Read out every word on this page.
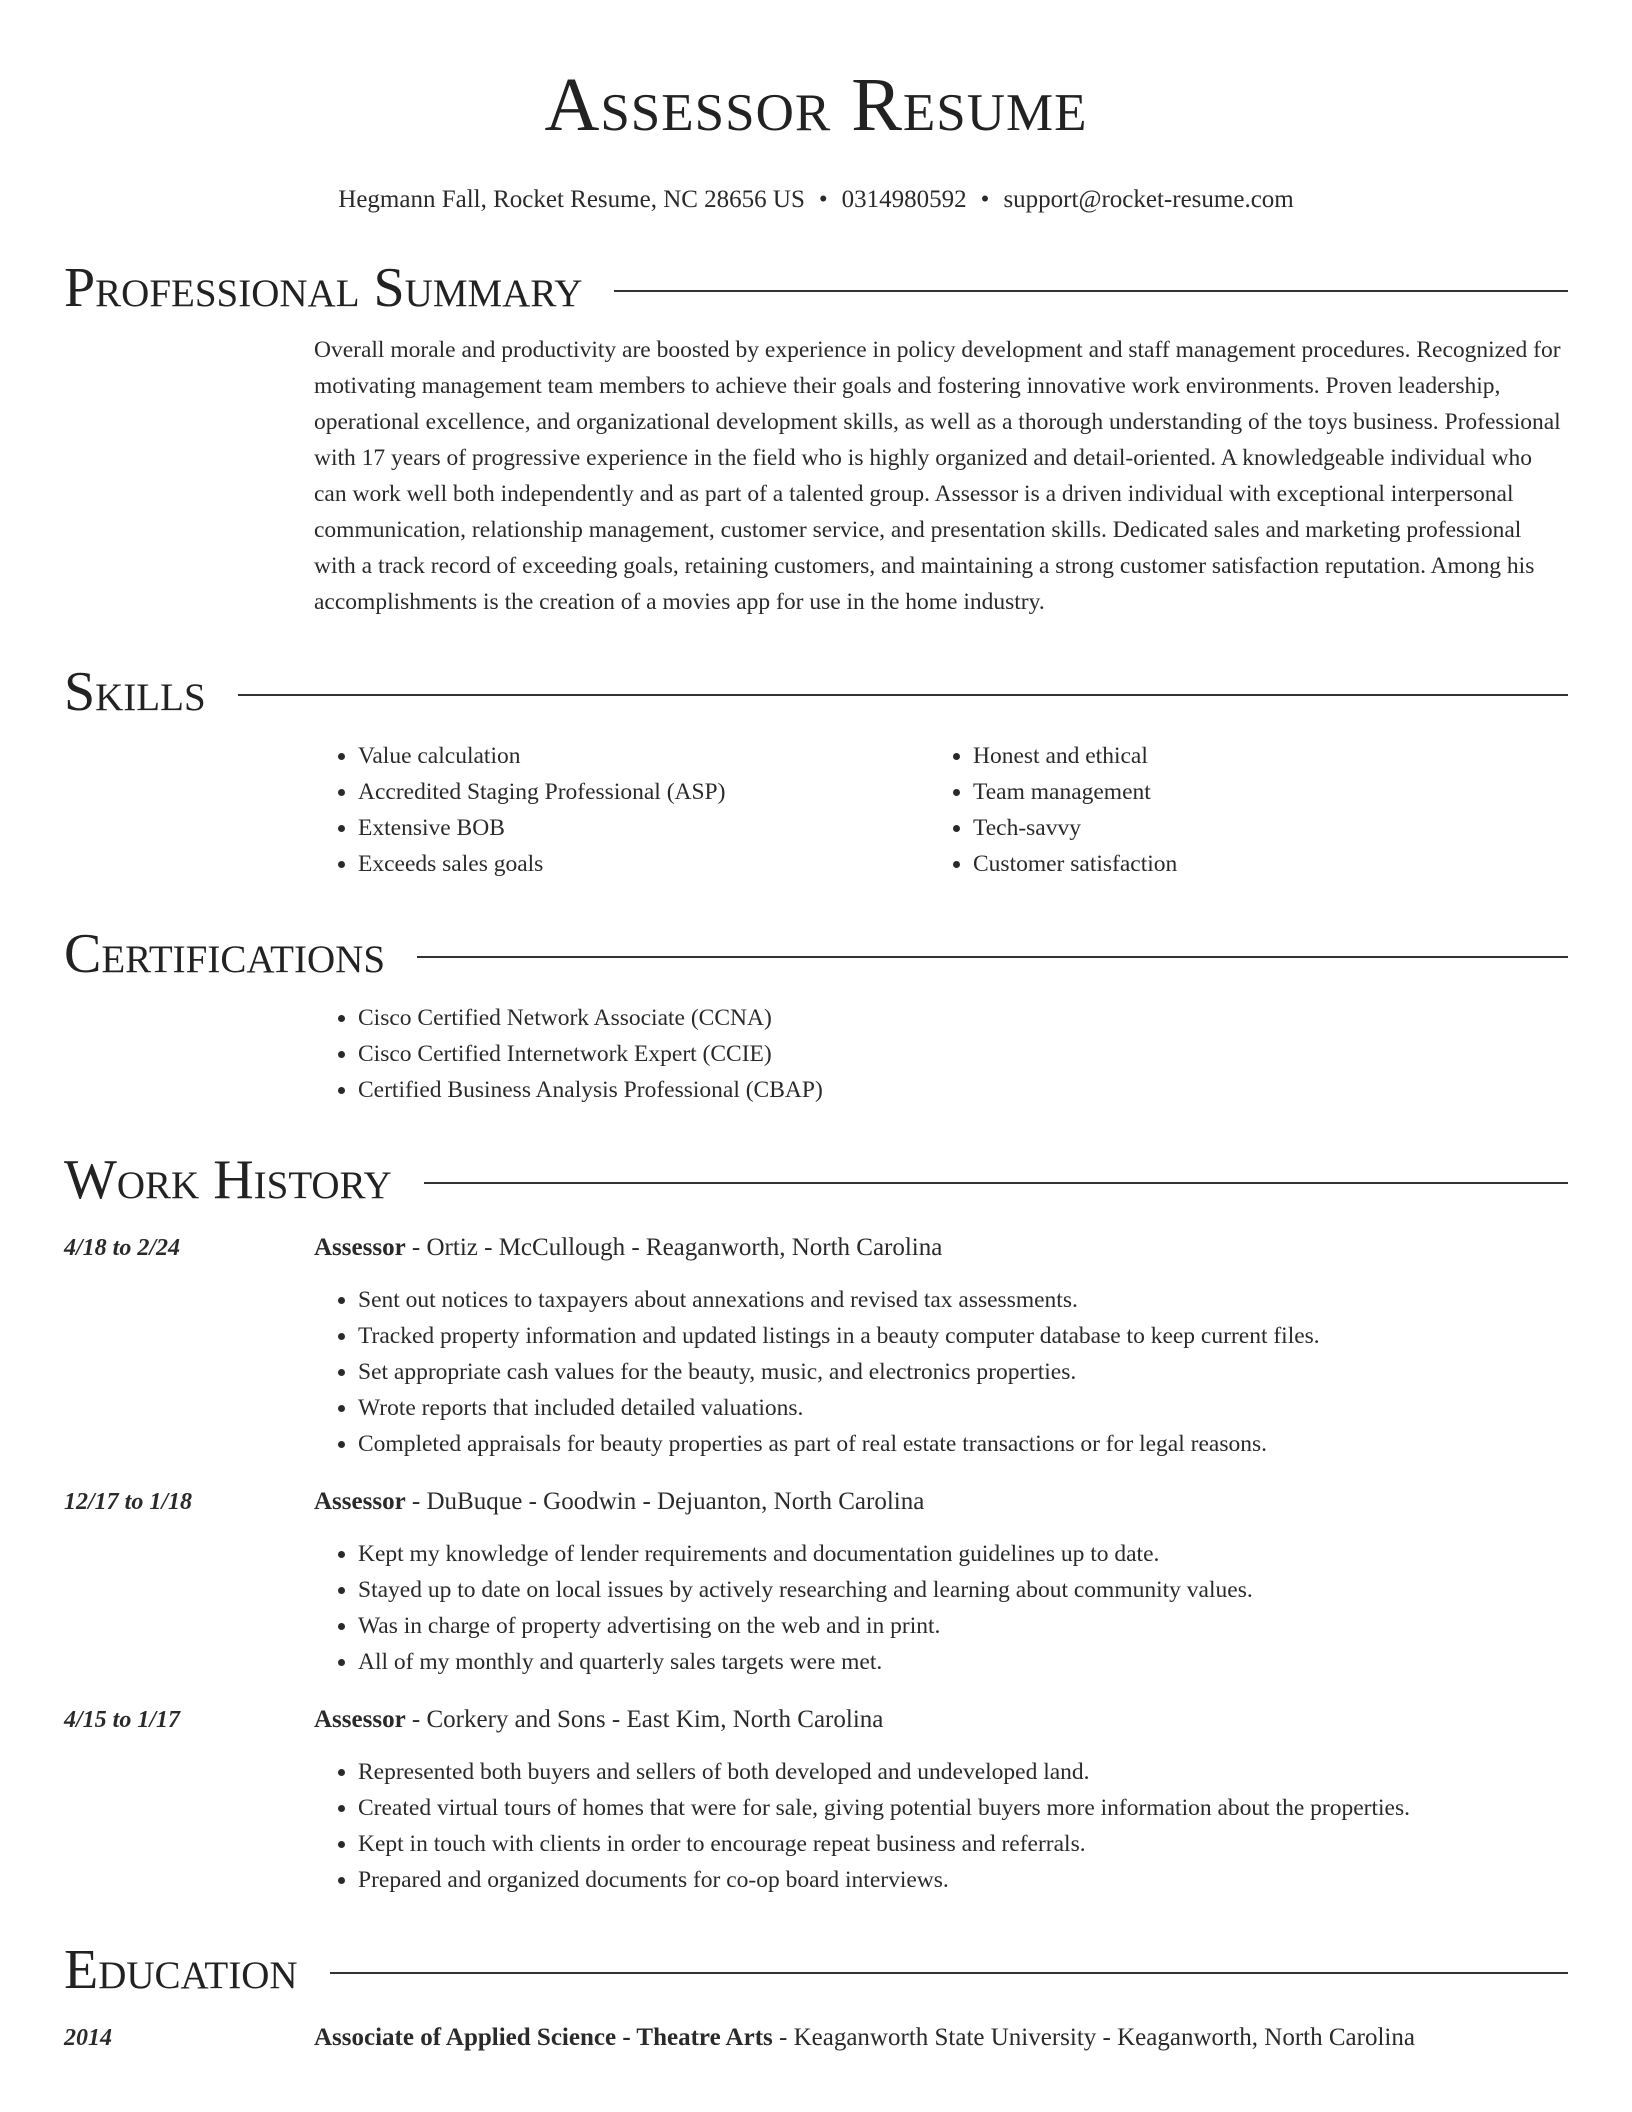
Assessor Resume
Hegmann Fall, Rocket Resume, NC 28656 US • 0314980592 • support@rocket-resume.com
Professional Summary
Overall morale and productivity are boosted by experience in policy development and staff management procedures. Recognized for motivating management team members to achieve their goals and fostering innovative work environments. Proven leadership, operational excellence, and organizational development skills, as well as a thorough understanding of the toys business. Professional with 17 years of progressive experience in the field who is highly organized and detail-oriented. A knowledgeable individual who can work well both independently and as part of a talented group. Assessor is a driven individual with exceptional interpersonal communication, relationship management, customer service, and presentation skills. Dedicated sales and marketing professional with a track record of exceeding goals, retaining customers, and maintaining a strong customer satisfaction reputation. Among his accomplishments is the creation of a movies app for use in the home industry.
Skills
• Value calculation
• Accredited Staging Professional (ASP)
• Extensive BOB
• Exceeds sales goals
• Honest and ethical
• Team management
• Tech-savvy
• Customer satisfaction
Certifications
• Cisco Certified Network Associate (CCNA)
• Cisco Certified Internetwork Expert (CCIE)
• Certified Business Analysis Professional (CBAP)
Work History
4/18 to 2/24	Assessor - Ortiz - McCullough - Reaganworth, North Carolina
• Sent out notices to taxpayers about annexations and revised tax assessments.
• Tracked property information and updated listings in a beauty computer database to keep current files.
• Set appropriate cash values for the beauty, music, and electronics properties.
• Wrote reports that included detailed valuations.
• Completed appraisals for beauty properties as part of real estate transactions or for legal reasons.
12/17 to 1/18	Assessor - DuBuque - Goodwin - Dejuanton, North Carolina
• Kept my knowledge of lender requirements and documentation guidelines up to date.
• Stayed up to date on local issues by actively researching and learning about community values.
• Was in charge of property advertising on the web and in print.
• All of my monthly and quarterly sales targets were met.
4/15 to 1/17	Assessor - Corkery and Sons - East Kim, North Carolina
• Represented both buyers and sellers of both developed and undeveloped land.
• Created virtual tours of homes that were for sale, giving potential buyers more information about the properties.
• Kept in touch with clients in order to encourage repeat business and referrals.
• Prepared and organized documents for co-op board interviews.
Education
2014	Associate of Applied Science - Theatre Arts - Keaganworth State University - Keaganworth, North Carolina
